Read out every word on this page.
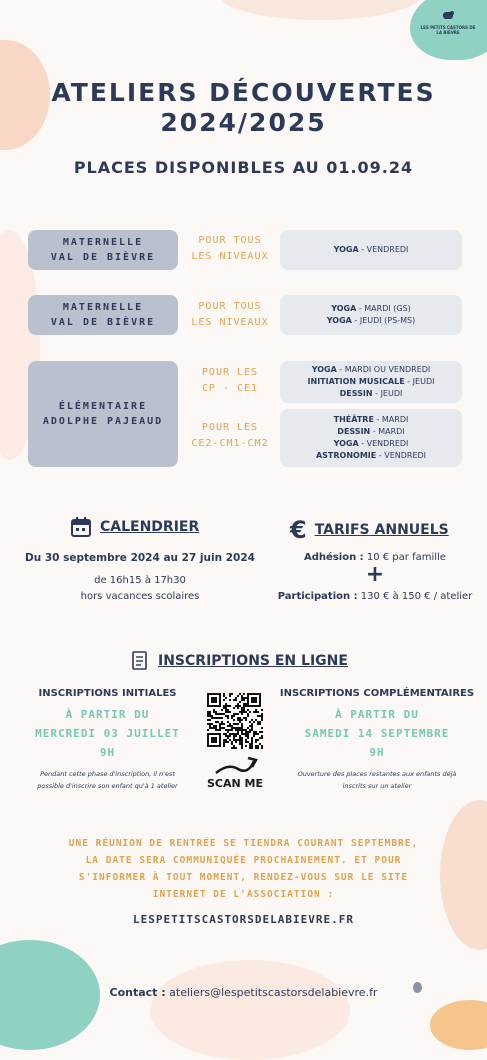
LES PETITS CASTORS DE LA BIÈVRE
ATELIERS DÉCOUVERTES
2024/2025
PLACES DISPONIBLES AU 01.09.24
MATERNELLE
VAL DE BIÈVRE
POUR TOUS
LES NIVEAUX
YOGA - VENDREDI
MATERNELLE
VAL DE BIÈVRE
POUR TOUS
LES NIVEAUX
YOGA - MARDI (GS)
YOGA - JEUDI (PS-MS)
ÉLÉMENTAIRE
ADOLPHE PAJEAUD
POUR LES
CP - CE1
YOGA - MARDI OU VENDREDI
INITIATION MUSICALE - JEUDI
DESSIN - JEUDI
POUR LES
CE2-CM1-CM2
THÉÂTRE - MARDI
DESSIN - MARDI
YOGA - VENDREDI
ASTRONOMIE - VENDREDI
CALENDRIER
Du 30 septembre 2024 au 27 juin 2024
de 16h15 à 17h30
hors vacances scolaires
€ TARIFS ANNUELS
Adhésion : 10 € par famille
+
Participation : 130 € à 150 € / atelier
INSCRIPTIONS EN LIGNE
INSCRIPTIONS INITIALES
À PARTIR DU
MERCREDI 03 JUILLET
9H
Pendant cette phase d'inscription, il n'est
possible d'inscrire son enfant qu'à 1 atelier	SCAN ME
INSCRIPTIONS COMPLÉMENTAIRES
À PARTIR DU
SAMEDI 14 SEPTEMBRE
9H
Ouverture des places restantes aux enfants déjà
inscrits sur un atelier
UNE RÉUNION DE RENTRÉE SE TIENDRA COURANT SEPTEMBRE,
LA DATE SERA COMMUNIQUÉE PROCHAINEMENT. ET POUR
S'INFORMER À TOUT MOMENT, RENDEZ-VOUS SUR LE SITE
INTERNET DE L'ASSOCIATION :
LESPETITSCASTORSDELABIEVRE.FR
Contact : ateliers@lespetitscastorsdelabievre.fr
